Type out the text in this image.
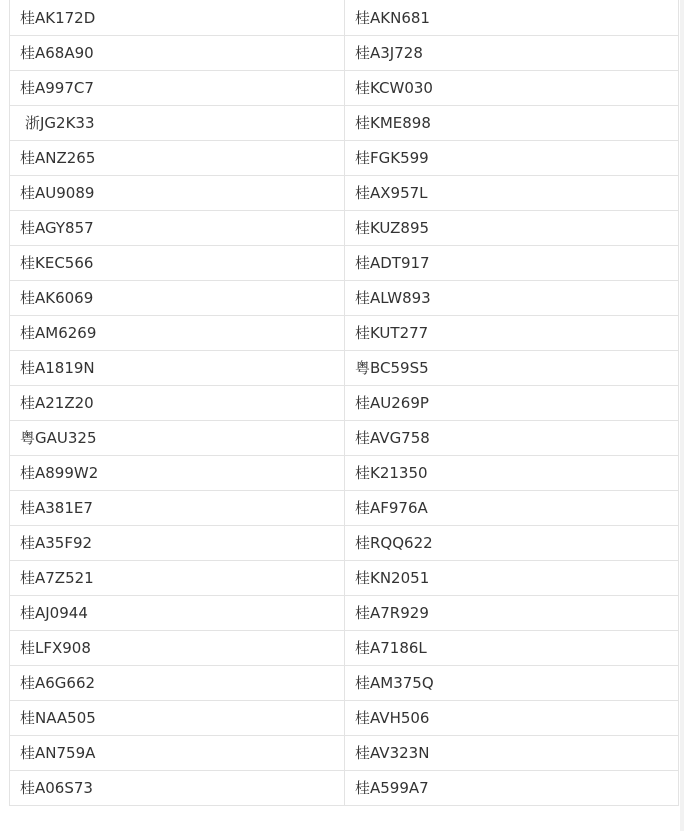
桂AK172D	桂AKN681
桂A68A90	桂A3J728
桂A997C7	桂KCW030
浙JG2K33	桂KME898
桂ANZ265	桂FGK599
桂AU9089	桂AX957L
桂AGY857	桂KUZ895
桂KEC566	桂ADT917
桂AK6069	桂ALW893
桂AM6269	桂KUT277
桂A1819N	粤BC59S5
桂A21Z20	桂AU269P
粤GAU325	桂AVG758
桂A899W2	桂K21350
桂A381E7	桂AF976A
桂A35F92	桂RQQ622
桂A7Z521	桂KN2051
桂AJ0944	桂A7R929
桂LFX908	桂A7186L
桂A6G662	桂AM375Q
桂NAA505	桂AVH506
桂AN759A	桂AV323N
桂A06S73	桂A599A7
